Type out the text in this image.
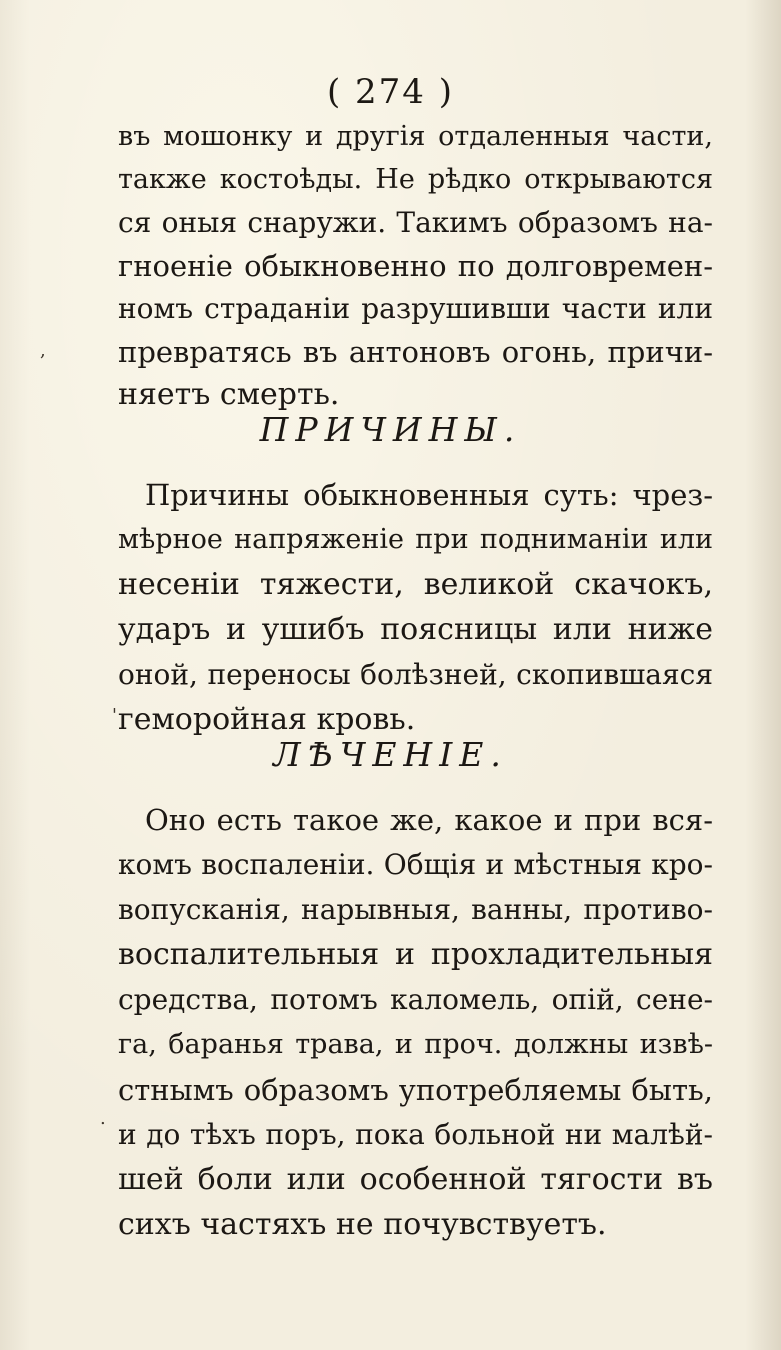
( 274 )
въ мошонку и другія отдаленныя части,
также костоѣды. Не рѣдко открываются
ся оныя снаружи. Такимъ образомъ на-
гноеніе обыкновенно по долговремен-
номъ страданіи разрушивши части или
превратясь въ антоновъ огонь, причи-
няетъ смерть.
,
ПРИЧИНЫ.
Причины обыкновенныя суть: чрез-
мѣрное напряженіе при подниманіи или
несеніи тяжести, великой скачокъ,
ударъ и ушибъ поясницы или ниже
оной, переносы болѣзней, скопившаяся
геморойная кровь.
'
ЛѢЧЕНІЕ.
Оно есть такое же, какое и при вся-
комъ воспаленіи. Общія и мѣстныя кро-
вопусканія, нарывныя, ванны, противо-
воспалительныя и прохладительныя
средства, потомъ каломель, опій, сене-
га, баранья трава, и проч. должны извѣ-
стнымъ образомъ употребляемы быть,
и до тѣхъ поръ, пока больной ни малѣй-
шей боли или особенной тягости въ
сихъ частяхъ не почувствуетъ.
.
